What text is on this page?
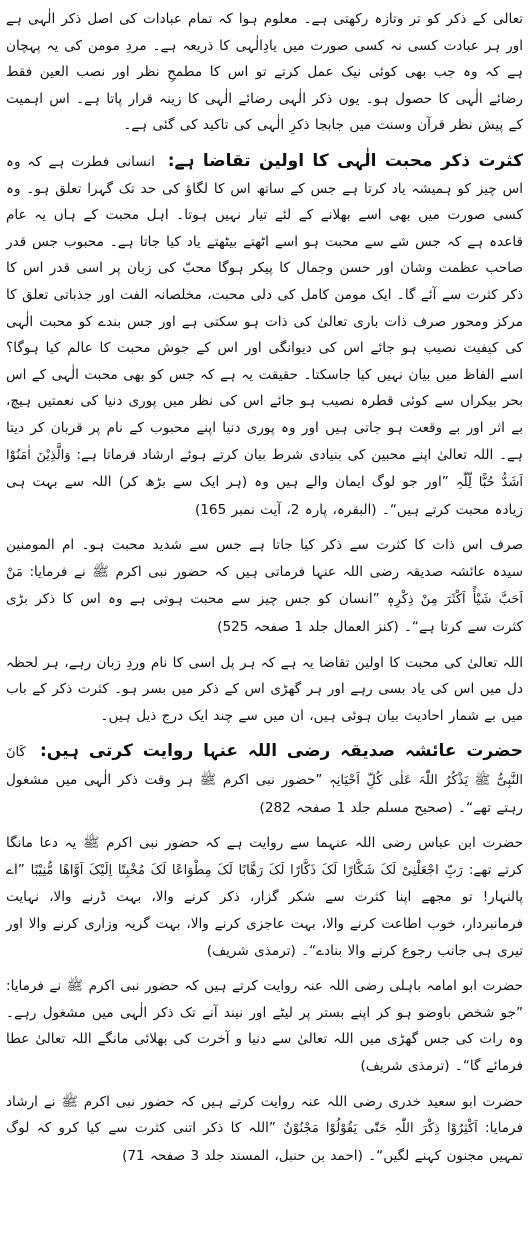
تعالی کے ذکر کو تر وتازہ رکھتی ہے۔ معلوم ہوا کہ تمام عبادات کی اصل ذکر الٰہی ہے اور ہر عبادت کسی نہ کسی صورت میں یادِالٰہی کا ذریعہ ہے۔ مردِ مومن کی یہ پہچان ہے کہ وہ جب بھی کوئی نیک عمل کرتے تو اس کا مطمحِ نظر اور نصب العین فقط رضائے الٰہی کا حصول ہو۔ یوں ذکر الٰہی رضائے الٰہی کا زینہ قرار پاتا ہے۔ اس اہمیت کے پیش نظر قرآن وسنت میں جابجا ذکرِ الٰہی کی تاکید کی گئی ہے۔

کثرت ذکر محبت الٰہی کا اولین تقاضا ہے: انسانی فطرت ہے کہ وہ اس چیز کو ہمیشہ یاد کرتا ہے جس کے ساتھ اس کا لگاؤ کی حد تک گہرا تعلق ہو۔ وہ کسی صورت میں بھی اسے بھلانے کے لئے تیار نہیں ہوتا۔ اہل محبت کے ہاں یہ عام قاعدہ ہے کہ جس شے سے محبت ہو اسے اٹھتے بیٹھتے یاد کیا جاتا ہے۔ محبوب جس قدر صاحب عظمت وشان اور حسن وجمال کا پیکر ہوگا محبّ کی زبان پر اسی قدر اس کا ذکر کثرت سے آئے گا۔ ایک مومن کامل کی دلی محبت، مخلصانہ الفت اور جذباتی تعلق کا مرکز ومحور صرف ذات باری تعالیٰ کی ذات ہو سکتی ہے اور جس بندے کو محبت الٰہی کی کیفیت نصیب ہو جائے اس کی دیوانگی اور اس کے جوش محبت کا عالم کیا ہوگا؟ اسے الفاظ میں بیان نہیں کیا جاسکتا۔ حقیقت یہ ہے کہ جس کو بھی محبت الٰہی کے اس بحر بیکراں سے کوئی قطرہ نصیب ہو جائے اس کی نظر میں پوری دنیا کی نعمتیں ہیچ، بے اثر اور بے وقعت ہو جاتی ہیں اور وہ پوری دنیا اپنے محبوب کے نام پر قربان کر دیتا ہے۔ اللہ تعالیٰ اپنے محبین کی بنیادی شرط بیان کرتے ہوئے ارشاد فرماتا ہے: وَالَّذِیْنَ اٰمَنُوْا اَشَدُّ حُبًّا لِّلّٰہِ ”اور جو لوگ ایمان والے ہیں وہ (ہر ایک سے بڑھ کر) اللہ سے بہت ہی زیادہ محبت کرتے ہیں“۔ (البقرہ، پارہ 2، آیت نمبر 165)

صرف اس ذات کا کثرت سے ذکر کیا جاتا ہے جس سے شدید محبت ہو۔ ام المومنین سیدہ عائشہ صدیقہ رضی اللہ عنہا فرماتی ہیں کہ حضور نبی اکرم ﷺ نے فرمایا: مَنْ اَحَبَّ شَیْأً اَکْثَرَ مِنْ ذِکْرِہٖ ”انسان کو جس چیز سے محبت ہوتی ہے وہ اس کا ذکر بڑی کثرت سے کرتا ہے“۔ (کنز العمال جلد 1 صفحہ 525)

اللہ تعالیٰ کی محبت کا اولین تقاضا یہ ہے کہ ہر پل اسی کا نام وردِ زبان رہے، ہر لحظہ دل میں اس کی یاد بسی رہے اور ہر گھڑی اس کے ذکر میں بسر ہو۔ کثرت ذکر کے باب میں بے شمار احادیث بیان ہوئی ہیں، ان میں سے چند ایک درج ذیل ہیں۔

حضرت عائشہ صدیقہ رضی اللہ عنہا روایت کرتی ہیں: کَانَ النَّبِیُّ ﷺ یَذْکُرُ اللّٰہَ عَلٰی کُلِّ اَحْیَانِہٖ ”حضور نبی اکرم ﷺ ہر وقت ذکر الٰہی میں مشغول رہتے تھے“۔ (صحیح مسلم جلد 1 صفحہ 282)

حضرت ابن عباس رضی اللہ عنہما سے روایت ہے کہ حضور نبی اکرم ﷺ یہ دعا مانگا کرتے تھے: رَبِّ اجْعَلْنِیْ لَکَ شَکَّارًا لَکَ ذَکَّارًا لَکَ رَھَّابًا لَکَ مِطْوَاعًا لَکَ مُخْبِتًا اِلَیْکَ اَوَّاھًا مُّنِیْبًا ”اے پالنہار! تو مجھے اپنا کثرت سے شکر گزار، ذکر کرنے والا، بہت ڈرنے والا، نہایت فرمانبردار، خوب اطاعت کرنے والا، بہت عاجزی کرنے والا، بہت گریہ وزاری کرنے والا اور تیری ہی جانب رجوع کرنے والا بنادے“۔ (ترمذی شریف)

حضرت ابو امامہ باہلی رضی اللہ عنہ روایت کرتے ہیں کہ حضور نبی اکرم ﷺ نے فرمایا: ”جو شخص باوضو ہو کر اپنے بستر پر لیٹے اور نیند آنے تک ذکر الٰہی میں مشغول رہے۔ وہ رات کی جس گھڑی میں اللہ تعالیٰ سے دنیا و آخرت کی بھلائی مانگے اللہ تعالیٰ عطا فرمائے گا“۔ (ترمذی شریف)

حضرت ابو سعید خدری رضی اللہ عنہ روایت کرتے ہیں کہ حضور نبی اکرم ﷺ نے ارشاد فرمایا: اَکْثِرُوْا ذِکْرَ اللّٰہِ حَتّٰی یَقُوْلُوْا مَجْنُوْنٌ ”اللہ کا ذکر اتنی کثرت سے کیا کرو کہ لوگ تمہیں مجنون کہنے لگیں“۔ (احمد بن حنبل، المسند جلد 3 صفحہ 71)
